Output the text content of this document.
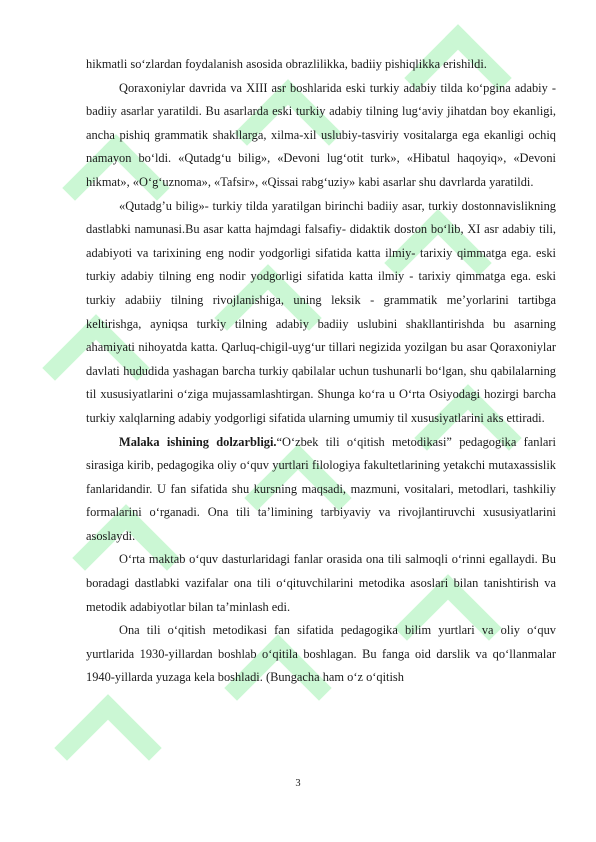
hikmatli so‘zlardan foydalanish asosida obrazlilikka, badiiy pishiqlikka erishildi.

Qoraxoniylar davrida va XIII asr boshlarida eski turkiy adabiy tilda ko‘pgina adabiy - badiiy asarlar yaratildi. Bu asarlarda eski turkiy adabiy tilning lug‘aviy jihatdan boy ekanligi, ancha pishiq grammatik shakllarga, xilma-xil uslubiy-tasviriy vositalarga ega ekanligi ochiq namayon bo‘ldi. «Qutadg‘u bilig», «Devoni lug‘otit turk», «Hibatul haqoyiq», «Devoni hikmat», «O‘g‘uznoma», «Tafsir», «Qissai rabg‘uziy» kabi asarlar shu davrlarda yaratildi.

«Qutadg’u bilig»- turkiy tilda yaratilgan birinchi badiiy asar, turkiy dostonnavislikning dastlabki namunasi.Bu asar katta hajmdagi falsafiy- didaktik doston bo‘lib, XI asr adabiy tili, adabiyoti va tarixining eng nodir yodgorligi sifatida katta ilmiy- tarixiy qimmatga ega. eski turkiy adabiy tilning eng nodir yodgorligi sifatida katta ilmiy - tarixiy qimmatga ega. eski turkiy adabiiy tilning rivojlanishiga, uning leksik - grammatik me’yorlarini tartibga keltirishga, ayniqsa turkiy tilning adabiy badiiy uslubini shakllantirishda bu asarning ahamiyati nihoyatda katta. Qarluq-chigil-uyg‘ur tillari negizida yozilgan bu asar Qoraxoniylar davlati hududida yashagan barcha turkiy qabilalar uchun tushunarli bo‘lgan, shu qabilalarning til xususiyatlarini o‘ziga mujassamlashtirgan. Shunga ko‘ra u O‘rta Osiyodagi hozirgi barcha turkiy xalqlarning adabiy yodgorligi sifatida ularning umumiy til xususiyatlarini aks ettiradi.

Malaka ishining dolzarbligi.“O‘zbek tili o‘qitish metodikasi” pedagogika fanlari sirasiga kirib, pedagogika oliy o‘quv yurtlari filologiya fakultetlarining yetakchi mutaxassislik fanlaridandir. U fan sifatida shu kursning maqsadi, mazmuni, vositalari, metodlari, tashkiliy formalarini o‘rganadi. Ona tili ta’limining tarbiyaviy va rivojlantiruvchi xususiyatlarini asoslaydi.

O‘rta maktab o‘quv dasturlaridagi fanlar orasida ona tili salmoqli o‘rinni egallaydi. Bu boradagi dastlabki vazifalar ona tili o‘qituvchilarini metodika asoslari bilan tanishtirish va metodik adabiyotlar bilan ta’minlash edi.

Ona tili o‘qitish metodikasi fan sifatida pedagogika bilim yurtlari va oliy o‘quv yurtlarida 1930-yillardan boshlab o‘qitila boshlagan. Bu fanga oid darslik va qo‘llanmalar 1940-yillarda yuzaga kela boshladi. (Bungacha ham o‘z o‘qitish

3
